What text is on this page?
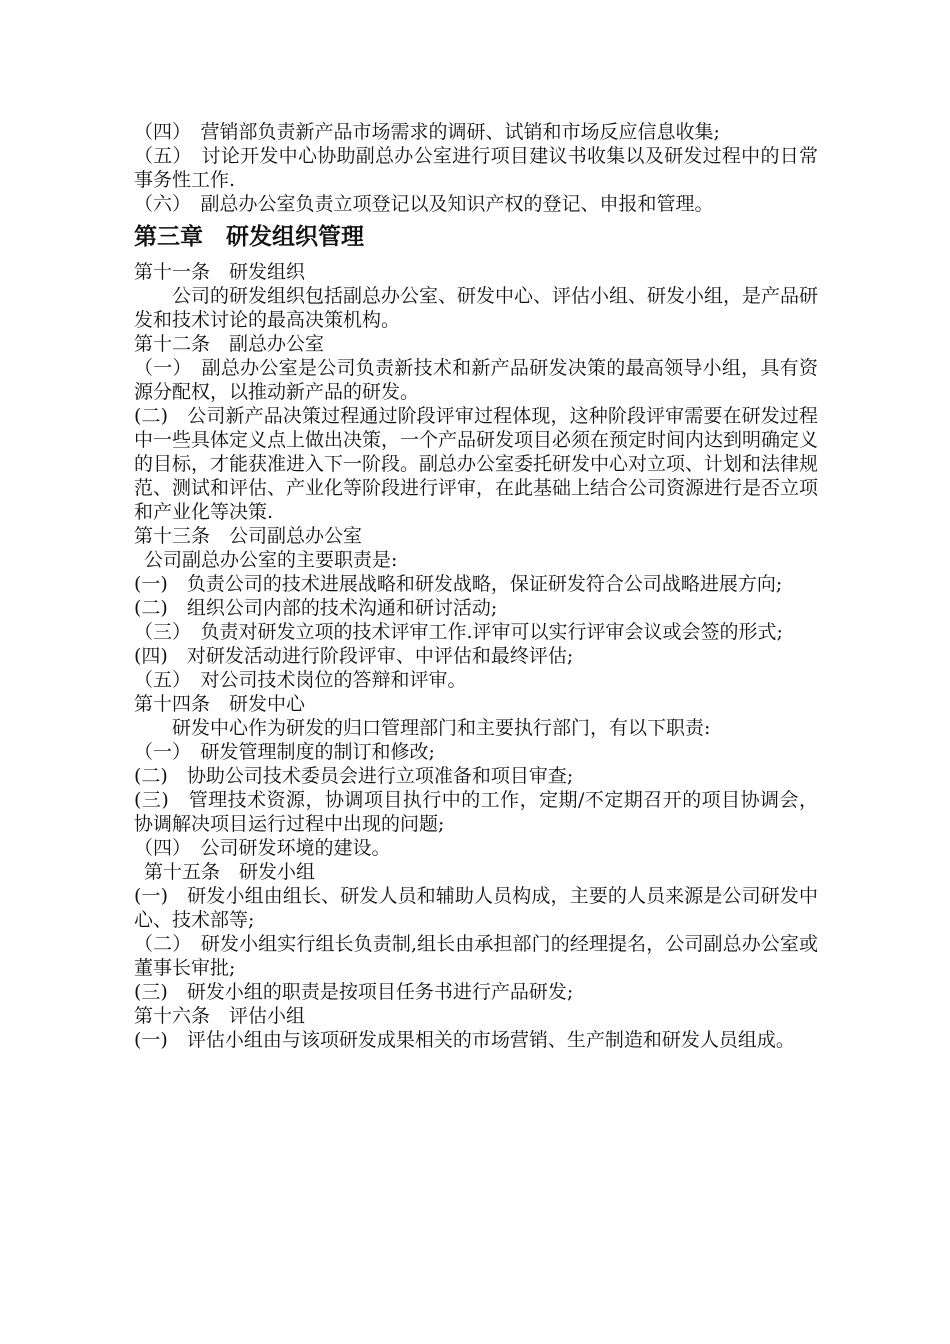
（四）　营销部负责新产品市场需求的调研、试销和市场反应信息收集;

（五）　讨论开发中心协助副总办公室进行项目建议书收集以及研发过程中的日常事务性工作.

（六）　副总办公室负责立项登记以及知识产权的登记、申报和管理。

第三章　研发组织管理

第十一条　研发组织

　　公司的研发组织包括副总办公室、研发中心、评估小组、研发小组，是产品研发和技术讨论的最高决策机构。

第十二条　副总办公室

（一）　副总办公室是公司负责新技术和新产品研发决策的最高领导小组，具有资源分配权，以推动新产品的研发。

(二)　公司新产品决策过程通过阶段评审过程体现，这种阶段评审需要在研发过程中一些具体定义点上做出决策，一个产品研发项目必须在预定时间内达到明确定义的目标，才能获准进入下一阶段。副总办公室委托研发中心对立项、计划和法律规范、测试和评估、产业化等阶段进行评审，在此基础上结合公司资源进行是否立项和产业化等决策.

第十三条　公司副总办公室

公司副总办公室的主要职责是:

(一)　负责公司的技术进展战略和研发战略，保证研发符合公司战略进展方向;

(二)　组织公司内部的技术沟通和研讨活动;

（三）　负责对研发立项的技术评审工作.评审可以实行评审会议或会签的形式;

(四)　对研发活动进行阶段评审、中评估和最终评估;

（五）　对公司技术岗位的答辩和评审。

第十四条　研发中心

　　研发中心作为研发的归口管理部门和主要执行部门，有以下职责:

（一）　研发管理制度的制订和修改;

(二)　协助公司技术委员会进行立项准备和项目审查;

(三)　管理技术资源，协调项目执行中的工作，定期/不定期召开的项目协调会，协调解决项目运行过程中出现的问题;

（四）　公司研发环境的建设。

第十五条　研发小组

(一)　研发小组由组长、研发人员和辅助人员构成，主要的人员来源是公司研发中心、技术部等;

（二）　研发小组实行组长负责制,组长由承担部门的经理提名，公司副总办公室或董事长审批;

(三)　研发小组的职责是按项目任务书进行产品研发;

第十六条　评估小组

(一)　评估小组由与该项研发成果相关的市场营销、生产制造和研发人员组成。
